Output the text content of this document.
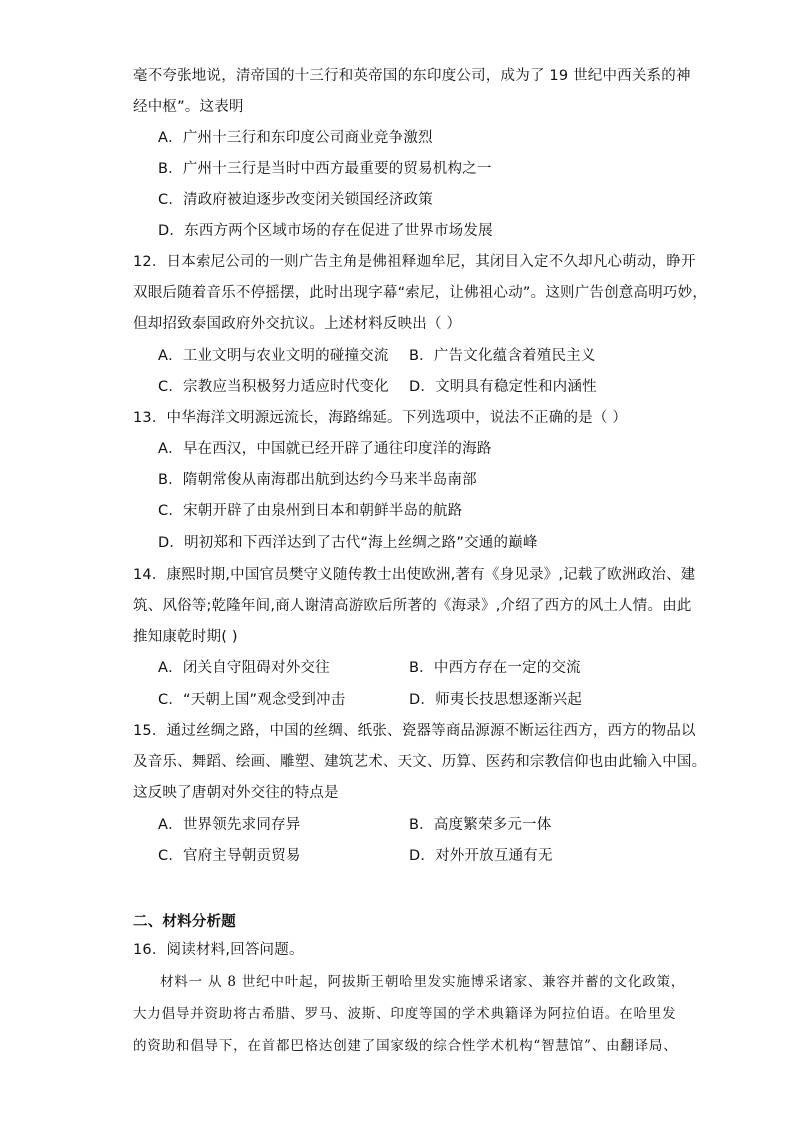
毫不夸张地说，清帝国的十三行和英帝国的东印度公司，成为了 19 世纪中西关系的神
经中枢”。这表明
A．广州十三行和东印度公司商业竞争激烈
B．广州十三行是当时中西方最重要的贸易机构之一
C．清政府被迫逐步改变闭关锁国经济政策
D．东西方两个区域市场的存在促进了世界市场发展
12．日本索尼公司的一则广告主角是佛祖释迦牟尼，其闭目入定不久却凡心萌动，睁开
双眼后随着音乐不停摇摆，此时出现字幕“索尼，让佛祖心动”。这则广告创意高明巧妙，
但却招致泰国政府外交抗议。上述材料反映出（ ）
A．工业文明与农业文明的碰撞交流 B．广告文化蕴含着殖民主义
C．宗教应当积极努力适应时代变化 D．文明具有稳定性和内涵性
13．中华海洋文明源远流长，海路绵延。下列选项中，说法不正确的是（ ）
A．早在西汉，中国就已经开辟了通往印度洋的海路
B．隋朝常俊从南海郡出航到达约今马来半岛南部
C．宋朝开辟了由泉州到日本和朝鲜半岛的航路
D．明初郑和下西洋达到了古代“海上丝绸之路”交通的巅峰
14．康熙时期,中国官员樊守义随传教士出使欧洲,著有《身见录》,记载了欧洲政治、建
筑、风俗等;乾隆年间,商人谢清高游欧后所著的《海录》,介绍了西方的风土人情。由此
推知康乾时期( )
A．闭关自守阻碍对外交往	B．中西方存在一定的交流
C．“天朝上国”观念受到冲击	D．师夷长技思想逐渐兴起
15．通过丝绸之路，中国的丝绸、纸张、瓷器等商品源源不断运往西方，西方的物品以
及音乐、舞蹈、绘画、雕塑、建筑艺术、天文、历算、医药和宗教信仰也由此输入中国。
这反映了唐朝对外交往的特点是
A．世界领先求同存异	B．高度繁荣多元一体
C．官府主导朝贡贸易	D．对外开放互通有无
二、材料分析题
16．阅读材料,回答问题。
材料一 从 8 世纪中叶起，阿拔斯王朝哈里发实施博采诸家、兼容并蓄的文化政策，
大力倡导并资助将古希腊、罗马、波斯、印度等国的学术典籍译为阿拉伯语。在哈里发
的资助和倡导下，在首都巴格达创建了国家级的综合性学术机构“智慧馆”、由翻译局、
